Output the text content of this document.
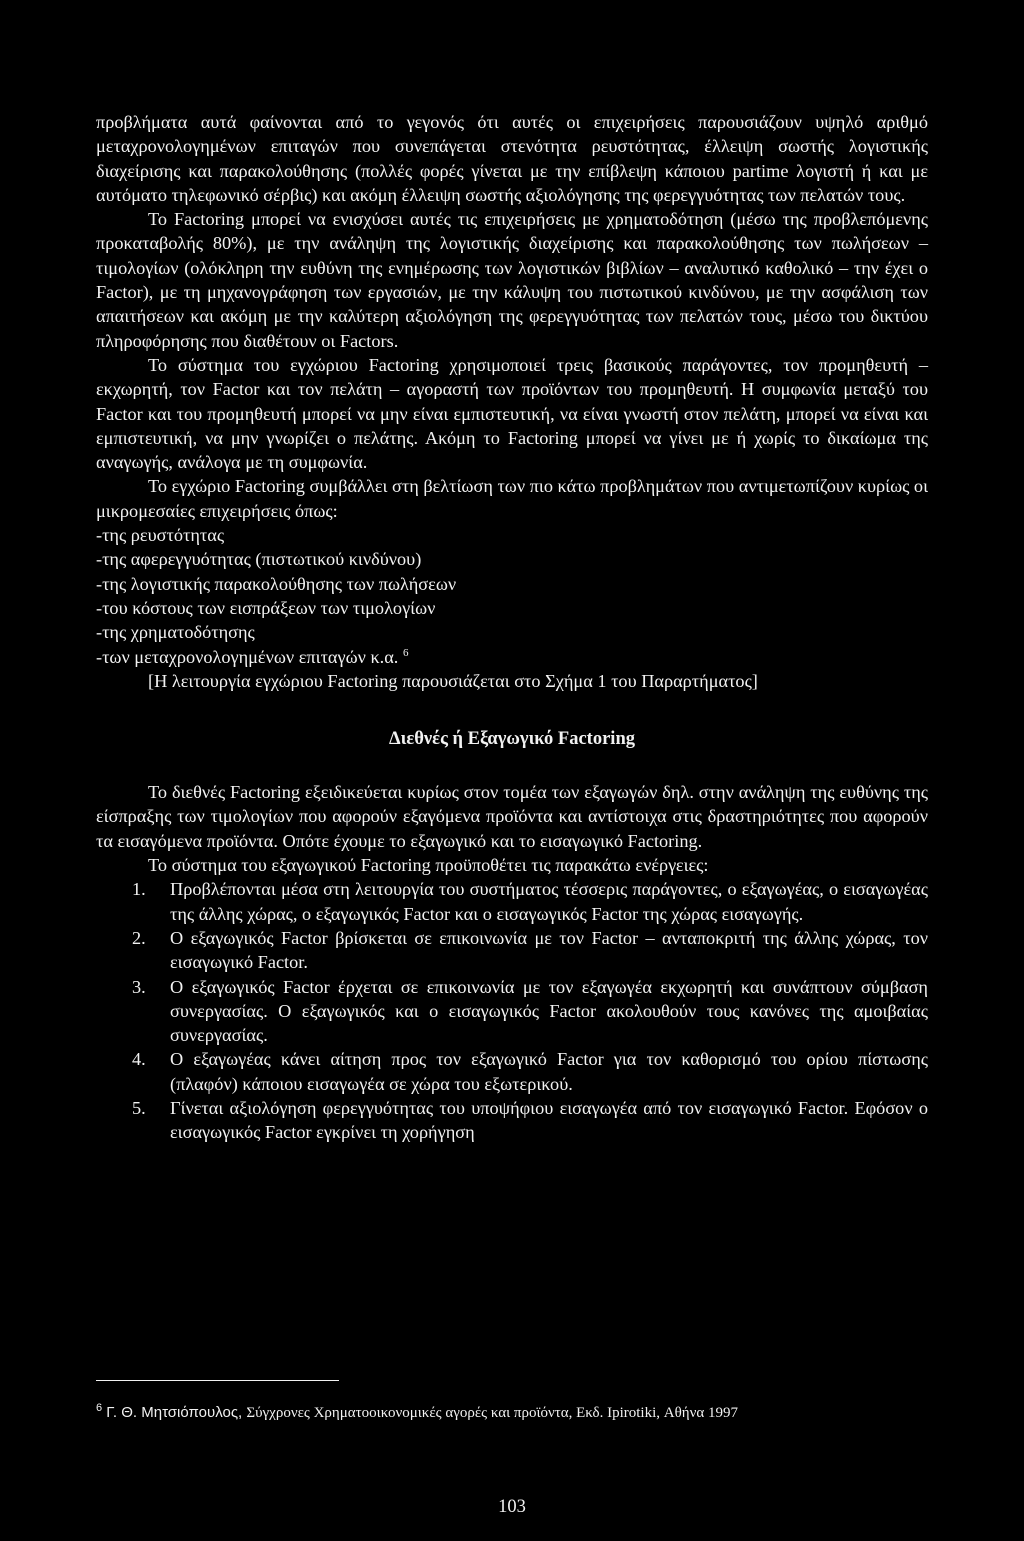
προβλήματα αυτά φαίνονται από το γεγονός ότι αυτές οι επιχειρήσεις παρουσιάζουν υψηλό αριθμό μεταχρονολογημένων επιταγών που συνεπάγεται στενότητα ρευστότητας, έλλειψη σωστής λογιστικής διαχείρισης και παρακολούθησης (πολλές φορές γίνεται με την επίβλεψη κάποιου partime λογιστή ή και με αυτόματο τηλεφωνικό σέρβις) και ακόμη έλλειψη σωστής αξιολόγησης της φερεγγυότητας των πελατών τους.

Το Factoring μπορεί να ενισχύσει αυτές τις επιχειρήσεις με χρηματοδότηση (μέσω της προβλεπόμενης προκαταβολής 80%), με την ανάληψη της λογιστικής διαχείρισης και παρακολούθησης των πωλήσεων – τιμολογίων (ολόκληρη την ευθύνη της ενημέρωσης των λογιστικών βιβλίων – αναλυτικό καθολικό – την έχει ο Factor), με τη μηχανογράφηση των εργασιών, με την κάλυψη του πιστωτικού κινδύνου, με την ασφάλιση των απαιτήσεων και ακόμη με την καλύτερη αξιολόγηση της φερεγγυότητας των πελατών τους, μέσω του δικτύου πληροφόρησης που διαθέτουν οι Factors.

Το σύστημα του εγχώριου Factoring χρησιμοποιεί τρεις βασικούς παράγοντες, τον προμηθευτή – εκχωρητή, τον Factor και τον πελάτη – αγοραστή των προϊόντων του προμηθευτή. Η συμφωνία μεταξύ του Factor και του προμηθευτή μπορεί να μην είναι εμπιστευτική, να είναι γνωστή στον πελάτη, μπορεί να είναι και εμπιστευτική, να μην γνωρίζει ο πελάτης. Ακόμη το Factoring μπορεί να γίνει με ή χωρίς το δικαίωμα της αναγωγής, ανάλογα με τη συμφωνία.

Το εγχώριο Factoring συμβάλλει στη βελτίωση των πιο κάτω προβλημάτων που αντιμετωπίζουν κυρίως οι μικρομεσαίες επιχειρήσεις όπως:

-της ρευστότητας
-της αφερεγγυότητας (πιστωτικού κινδύνου)
-της λογιστικής παρακολούθησης των πωλήσεων
-του κόστους των εισπράξεων των τιμολογίων
-της χρηματοδότησης
-των μεταχρονολογημένων επιταγών κ.α. $^6$

[Η λειτουργία εγχώριου Factoring παρουσιάζεται στο Σχήμα 1 του Παραρτήματος]

Διεθνές ή Εξαγωγικό Factoring

Το διεθνές Factoring εξειδικεύεται κυρίως στον τομέα των εξαγωγών δηλ. στην ανάληψη της ευθύνης της είσπραξης των τιμολογίων που αφορούν εξαγόμενα προϊόντα και αντίστοιχα στις δραστηριότητες που αφορούν τα εισαγόμενα προϊόντα. Οπότε έχουμε το εξαγωγικό και το εισαγωγικό Factoring.

Το σύστημα του εξαγωγικού Factoring προϋποθέτει τις παρακάτω ενέργειες:

1. Προβλέπονται μέσα στη λειτουργία του συστήματος τέσσερις παράγοντες, ο εξαγωγέας, ο εισαγωγέας της άλλης χώρας, ο εξαγωγικός Factor και ο εισαγωγικός Factor της χώρας εισαγωγής.
2. Ο εξαγωγικός Factor βρίσκεται σε επικοινωνία με τον Factor – ανταποκριτή της άλλης χώρας, τον εισαγωγικό Factor.
3. Ο εξαγωγικός Factor έρχεται σε επικοινωνία με τον εξαγωγέα εκχωρητή και συνάπτουν σύμβαση συνεργασίας. Ο εξαγωγικός και ο εισαγωγικός Factor ακολουθούν τους κανόνες της αμοιβαίας συνεργασίας.
4. Ο εξαγωγέας κάνει αίτηση προς τον εξαγωγικό Factor για τον καθορισμό του ορίου πίστωσης (πλαφόν) κάποιου εισαγωγέα σε χώρα του εξωτερικού.
5. Γίνεται αξιολόγηση φερεγγυότητας του υποψήφιου εισαγωγέα από τον εισαγωγικό Factor. Εφόσον ο εισαγωγικός Factor εγκρίνει τη χορήγηση
$^6$ Γ. Θ. Μητσιόπουλος, Σύγχρονες Χρηματοοικονομικές αγορές και προϊόντα, Εκδ. Ipirotiki, Αθήνα 1997
103
